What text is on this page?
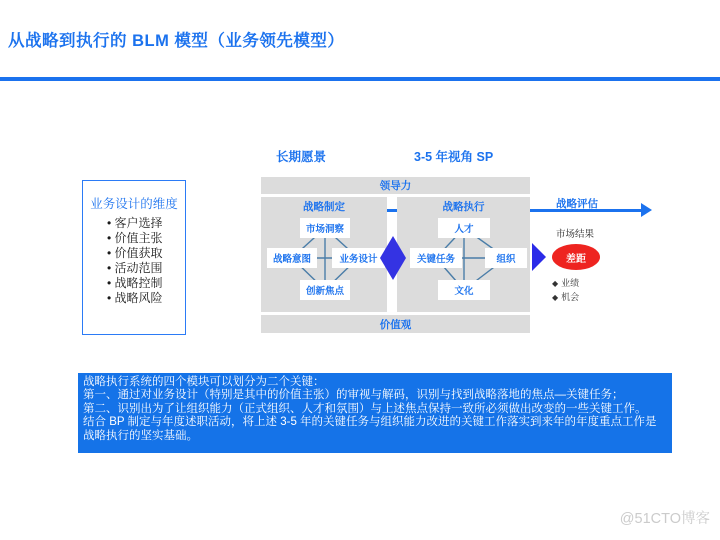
从战略到执行的 BLM 模型（业务领先模型）
业务设计的维度
• 客户选择
• 价值主张
• 价值获取
• 活动范围
• 战略控制
• 战略风险
长期愿景	3-5 年视角 SP
领导力
战略制定
市场洞察
战略意图	业务设计
创新焦点
战略执行
人才
关键任务	组织
文化
价值观
战略评估
市场结果
差距
◆ 业绩
◆ 机会

战略执行系统的四个模块可以划分为二个关键：

第一、通过对业务设计（特别是其中的价值主张）的审视与解码，识别与找到战略落地的焦点—关键任务；

第二、识别出为了让组织能力（正式组织、人才和氛围）与上述焦点保持一致所必须做出改变的一些关键工作。

结合 BP 制定与年度述职活动，将上述 3-5 年的关键任务与组织能力改进的关键工作落实到来年的年度重点工作是战略执行的坚实基础。

@51CTO博客
